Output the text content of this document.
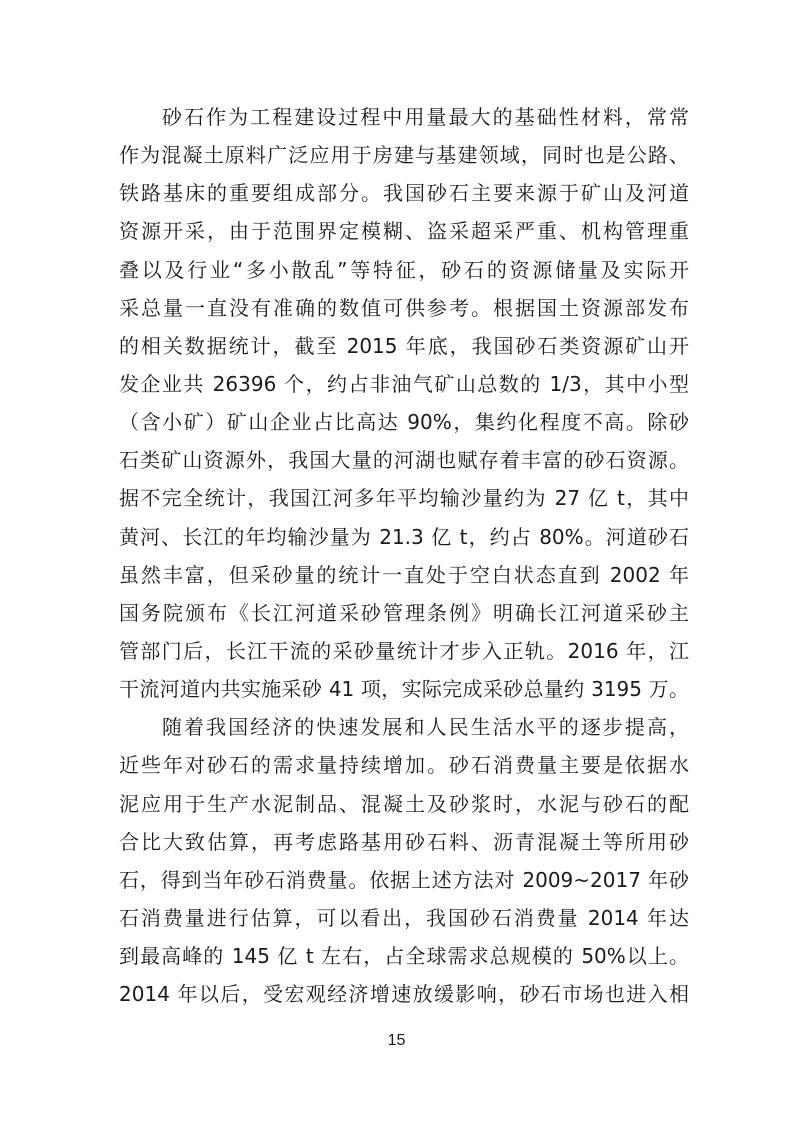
砂石作为工程建设过程中用量最大的基础性材料，常常
作为混凝土原料广泛应用于房建与基建领域，同时也是公路、
铁路基床的重要组成部分。我国砂石主要来源于矿山及河道
资源开采，由于范围界定模糊、盗采超采严重、机构管理重
叠以及行业“多小散乱”等特征，砂石的资源储量及实际开
采总量一直没有准确的数值可供参考。根据国土资源部发布
的相关数据统计，截至 2015 年底，我国砂石类资源矿山开
发企业共 26396 个，约占非油气矿山总数的 1/3，其中小型
（含小矿）矿山企业占比高达 90%，集约化程度不高。除砂
石类矿山资源外，我国大量的河湖也赋存着丰富的砂石资源。
据不完全统计，我国江河多年平均输沙量约为 27 亿 t，其中
黄河、长江的年均输沙量为 21.3 亿 t，约占 80%。河道砂石
虽然丰富，但采砂量的统计一直处于空白状态直到 2002 年
国务院颁布《长江河道采砂管理条例》明确长江河道采砂主
管部门后，长江干流的采砂量统计才步入正轨。2016 年，江
干流河道内共实施采砂 41 项，实际完成采砂总量约 3195 万。
随着我国经济的快速发展和人民生活水平的逐步提高，
近些年对砂石的需求量持续增加。砂石消费量主要是依据水
泥应用于生产水泥制品、混凝土及砂浆时，水泥与砂石的配
合比大致估算，再考虑路基用砂石料、沥青混凝土等所用砂
石，得到当年砂石消费量。依据上述方法对 2009~2017 年砂
石消费量进行估算，可以看出，我国砂石消费量 2014 年达
到最高峰的 145 亿 t 左右，占全球需求总规模的 50%以上。
2014 年以后，受宏观经济增速放缓影响，砂石市场也进入相
15
